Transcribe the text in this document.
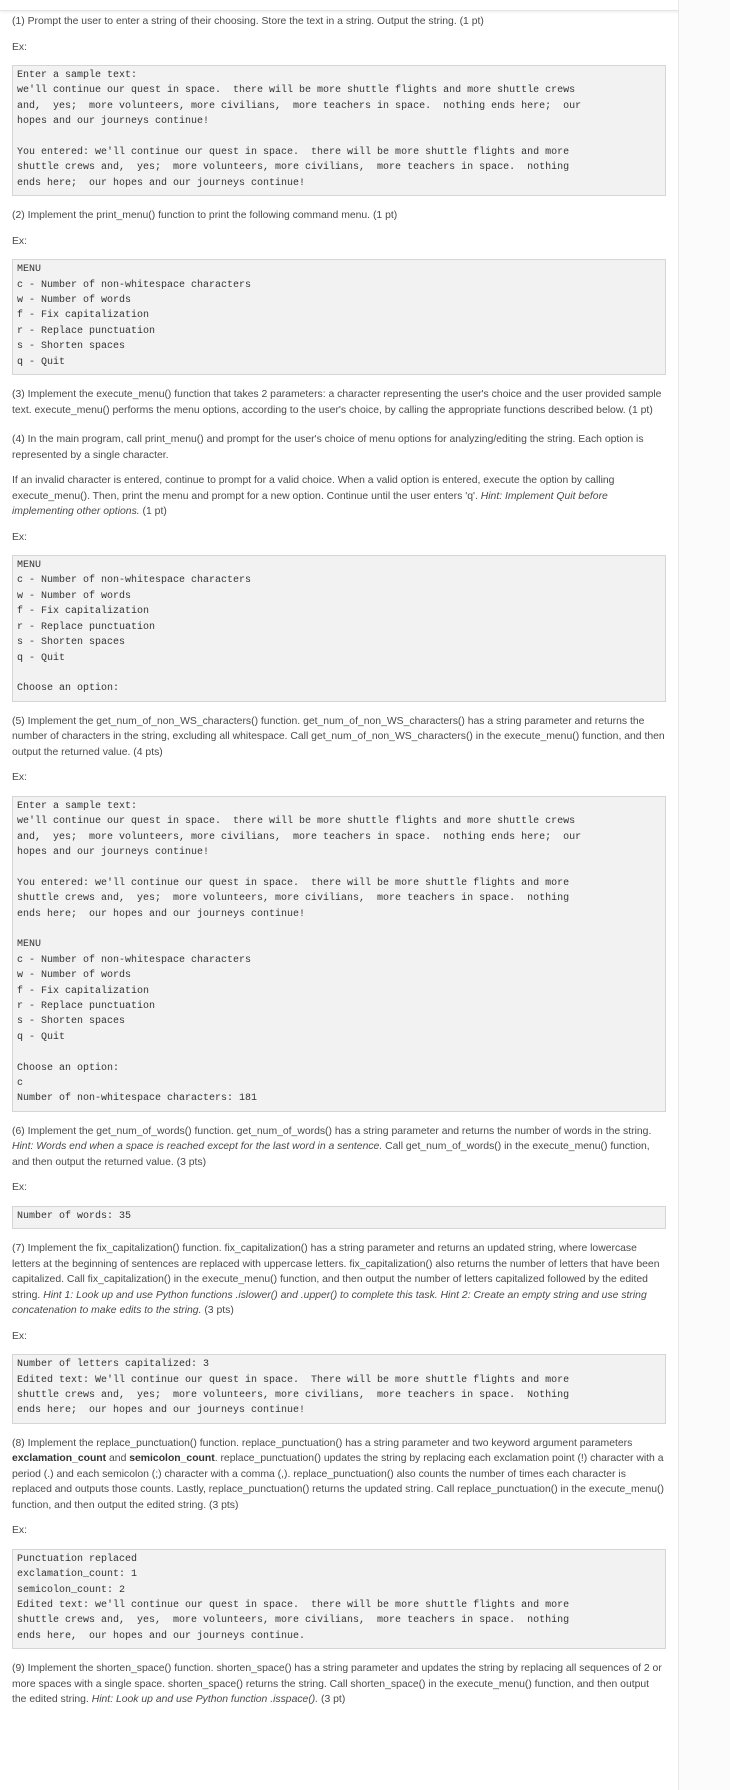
(1) Prompt the user to enter a string of their choosing. Store the text in a string. Output the string. (1 pt)

Ex:

Enter a sample text:
we'll continue our quest in space.  there will be more shuttle flights and more shuttle crews
and,  yes;  more volunteers, more civilians,  more teachers in space.  nothing ends here;  our
hopes and our journeys continue!
You entered: we'll continue our quest in space.  there will be more shuttle flights and more
shuttle crews and,  yes;  more volunteers, more civilians,  more teachers in space.  nothing
ends here;  our hopes and our journeys continue!

(2) Implement the print_menu() function to print the following command menu. (1 pt)

Ex:

MENU
c - Number of non-whitespace characters
w - Number of words
f - Fix capitalization
r - Replace punctuation
s - Shorten spaces
q - Quit

(3) Implement the execute_menu() function that takes 2 parameters: a character representing the user's choice and the user provided sample text. execute_menu() performs the menu options, according to the user's choice, by calling the appropriate functions described below. (1 pt)

(4) In the main program, call print_menu() and prompt for the user's choice of menu options for analyzing/editing the string. Each option is represented by a single character.

If an invalid character is entered, continue to prompt for a valid choice. When a valid option is entered, execute the option by calling execute_menu(). Then, print the menu and prompt for a new option. Continue until the user enters 'q'. Hint: Implement Quit before implementing other options. (1 pt)

Ex:

MENU
c - Number of non-whitespace characters
w - Number of words
f - Fix capitalization
r - Replace punctuation
s - Shorten spaces
q - Quit
Choose an option:

(5) Implement the get_num_of_non_WS_characters() function. get_num_of_non_WS_characters() has a string parameter and returns the number of characters in the string, excluding all whitespace. Call get_num_of_non_WS_characters() in the execute_menu() function, and then output the returned value. (4 pts)

Ex:

Enter a sample text:
we'll continue our quest in space.  there will be more shuttle flights and more shuttle crews
and,  yes;  more volunteers, more civilians,  more teachers in space.  nothing ends here;  our
hopes and our journeys continue!
You entered: we'll continue our quest in space.  there will be more shuttle flights and more
shuttle crews and,  yes;  more volunteers, more civilians,  more teachers in space.  nothing
ends here;  our hopes and our journeys continue!
MENU
c - Number of non-whitespace characters
w - Number of words
f - Fix capitalization
r - Replace punctuation
s - Shorten spaces
q - Quit
Choose an option:
c
Number of non-whitespace characters: 181

(6) Implement the get_num_of_words() function. get_num_of_words() has a string parameter and returns the number of words in the string. Hint: Words end when a space is reached except for the last word in a sentence. Call get_num_of_words() in the execute_menu() function, and then output the returned value. (3 pts)

Ex:

Number of words: 35

(7) Implement the fix_capitalization() function. fix_capitalization() has a string parameter and returns an updated string, where lowercase letters at the beginning of sentences are replaced with uppercase letters. fix_capitalization() also returns the number of letters that have been capitalized. Call fix_capitalization() in the execute_menu() function, and then output the number of letters capitalized followed by the edited string. Hint 1: Look up and use Python functions .islower() and .upper() to complete this task. Hint 2: Create an empty string and use string concatenation to make edits to the string. (3 pts)

Ex:

Number of letters capitalized: 3
Edited text: We'll continue our quest in space.  There will be more shuttle flights and more
shuttle crews and,  yes;  more volunteers, more civilians,  more teachers in space.  Nothing
ends here;  our hopes and our journeys continue!

(8) Implement the replace_punctuation() function. replace_punctuation() has a string parameter and two keyword argument parameters exclamation_count and semicolon_count. replace_punctuation() updates the string by replacing each exclamation point (!) character with a period (.) and each semicolon (;) character with a comma (,). replace_punctuation() also counts the number of times each character is replaced and outputs those counts. Lastly, replace_punctuation() returns the updated string. Call replace_punctuation() in the execute_menu() function, and then output the edited string. (3 pts)

Ex:

Punctuation replaced
exclamation_count: 1
semicolon_count: 2
Edited text: we'll continue our quest in space.  there will be more shuttle flights and more
shuttle crews and,  yes,  more volunteers, more civilians,  more teachers in space.  nothing
ends here,  our hopes and our journeys continue.

(9) Implement the shorten_space() function. shorten_space() has a string parameter and updates the string by replacing all sequences of 2 or more spaces with a single space. shorten_space() returns the string. Call shorten_space() in the execute_menu() function, and then output the edited string. Hint: Look up and use Python function .isspace(). (3 pt)
